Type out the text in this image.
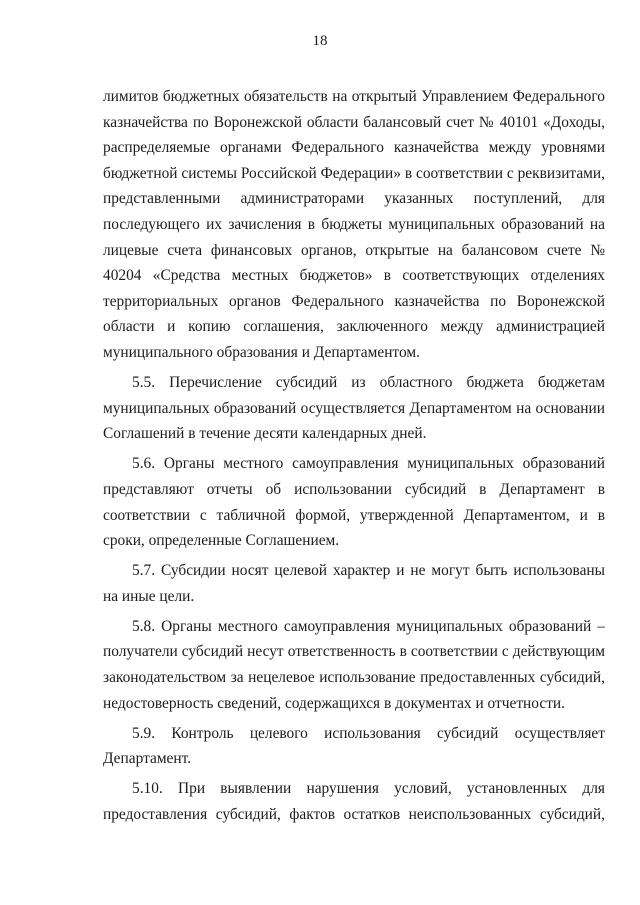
18

лимитов бюджетных обязательств на открытый Управлением Федерального казначейства по Воронежской области балансовый счет № 40101 «Доходы, распределяемые органами Федерального казначейства между уровнями бюджетной системы Российской Федерации» в соответствии с реквизитами, представленными администраторами указанных поступлений, для последующего их зачисления в бюджеты муниципальных образований на лицевые счета финансовых органов, открытые на балансовом счете № 40204 «Средства местных бюджетов» в соответствующих отделениях территориальных органов Федерального казначейства по Воронежской области и копию соглашения, заключенного между администрацией муниципального образования и Департаментом.

5.5. Перечисление субсидий из областного бюджета бюджетам муниципальных образований осуществляется Департаментом на основании Соглашений в течение десяти календарных дней.

5.6. Органы местного самоуправления муниципальных образований представляют отчеты об использовании субсидий в Департамент в соответствии с табличной формой, утвержденной Департаментом, и в сроки, определенные Соглашением.

5.7. Субсидии носят целевой характер и не могут быть использованы на иные цели.

5.8. Органы местного самоуправления муниципальных образований – получатели субсидий несут ответственность в соответствии с действующим законодательством за нецелевое использование предоставленных субсидий, недостоверность сведений, содержащихся в документах и отчетности.

5.9. Контроль целевого использования субсидий осуществляет Департамент.

5.10. При выявлении нарушения условий, установленных для предоставления субсидий, фактов остатков неиспользованных субсидий,
